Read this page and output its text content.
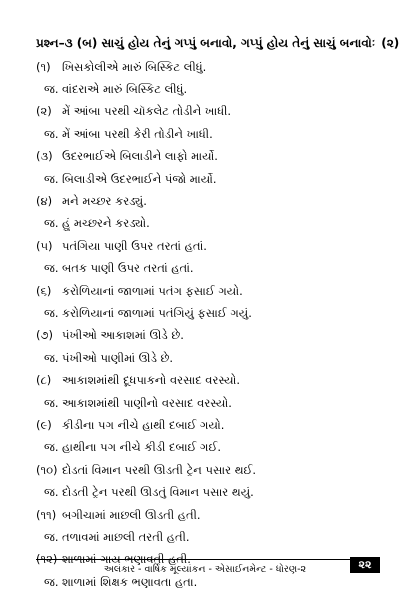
પ્રશ્ન–૩ (બ) સાચું હોય તેનું ગપ્પું બનાવો, ગપ્પું હોય તેનું સાચું બનાવોઃ (૨)
(૧) ખિસકોલીએ મારું બિસ્કિટ લીધું.
જ. વાંદરાએ મારું બિસ્કિટ લીધું.
(૨) મેં આંબા પરથી ચૉકલેટ તોડીને ખાધી.
જ. મેં આંબા પરથી કેરી તોડીને ખાધી.
(૩) ઉંદરભાઈએ બિલાડીને લાફો માર્યો.
જ. બિલાડીએ ઉંદરભાઈને પંજો માર્યો.
(૪) મને મચ્છર કરડ્યું.
જ. હું મચ્છરને કરડ્યો.
(૫) પતંગિયા પાણી ઉપર તરતાં હતાં.
જ. બતક પાણી ઉપર તરતાં હતાં.
(૬) કરોળિયાનાં જાળામાં પતંગ ફસાઈ ગયો.
જ. કરોળિયાનાં જાળામાં પતંગિયું ફસાઈ ગયું.
(૭) પંખીઓ આકાશમાં ઊડે છે.
જ. પંખીઓ પાણીમાં ઊડે છે.
(૮) આકાશમાંથી દૂધપાકનો વરસાદ વરસ્યો.
જ. આકાશમાંથી પાણીનો વરસાદ વરસ્યો.
(૯) કીડીના પગ નીચે હાથી દબાઈ ગયો.
જ. હાથીના પગ નીચે કીડી દબાઈ ગઈ.
(૧૦) દોડતાં વિમાન પરથી ઊડતી ટ્રેન પસાર થઈ.
જ. દોડતી ટ્રેન પરથી ઊડતું વિમાન પસાર થયું.
(૧૧) બગીચામાં માછલી ઊડતી હતી.
જ. તળાવમાં માછલી તરતી હતી.
(૧૨) શાળામાં ગાય ભણાવતી હતી.
જ. શાળામાં શિક્ષક ભણાવતા હતા.
અલંકાર - વાર્ષિક મૂલ્યાંકન - એસાઈનમેન્ટ - ધોરણ-૨	૨૨
